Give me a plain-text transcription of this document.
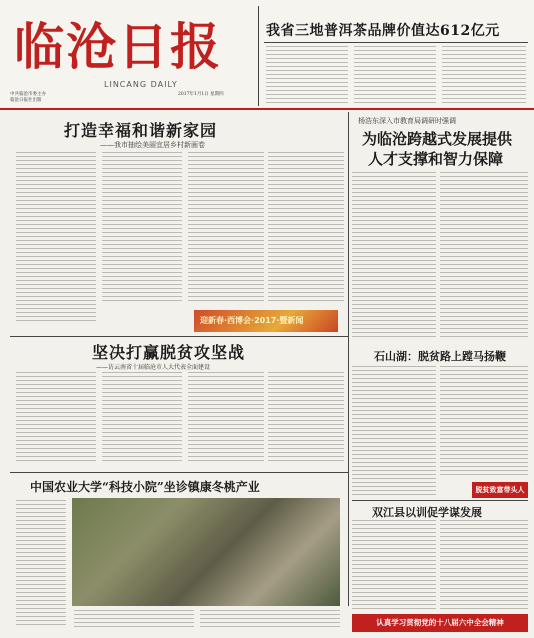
临沧日报
LINCANG DAILY
中共临沧市委主办
临沧日报社出版
2017年1月1日 星期四
我省三地普洱茶品牌价值达612亿元
打造幸福和谐新家园
——我市抽绘美丽宜居乡村新画卷
杨浩东深入市教育局调研时强调
为临沧跨越式发展提供
人才支撑和智力保障
迎新春·西博会·2017·暨新闻
坚决打赢脱贫攻坚战
——访云南省十届临沧市人大代表全面建设
石山湖：脱贫路上蹚马扬鞭
脱贫致富带头人
中国农业大学“科技小院”坐诊镇康冬桃产业
双江县以训促学谋发展
认真学习贯彻党的十八届六中全会精神
